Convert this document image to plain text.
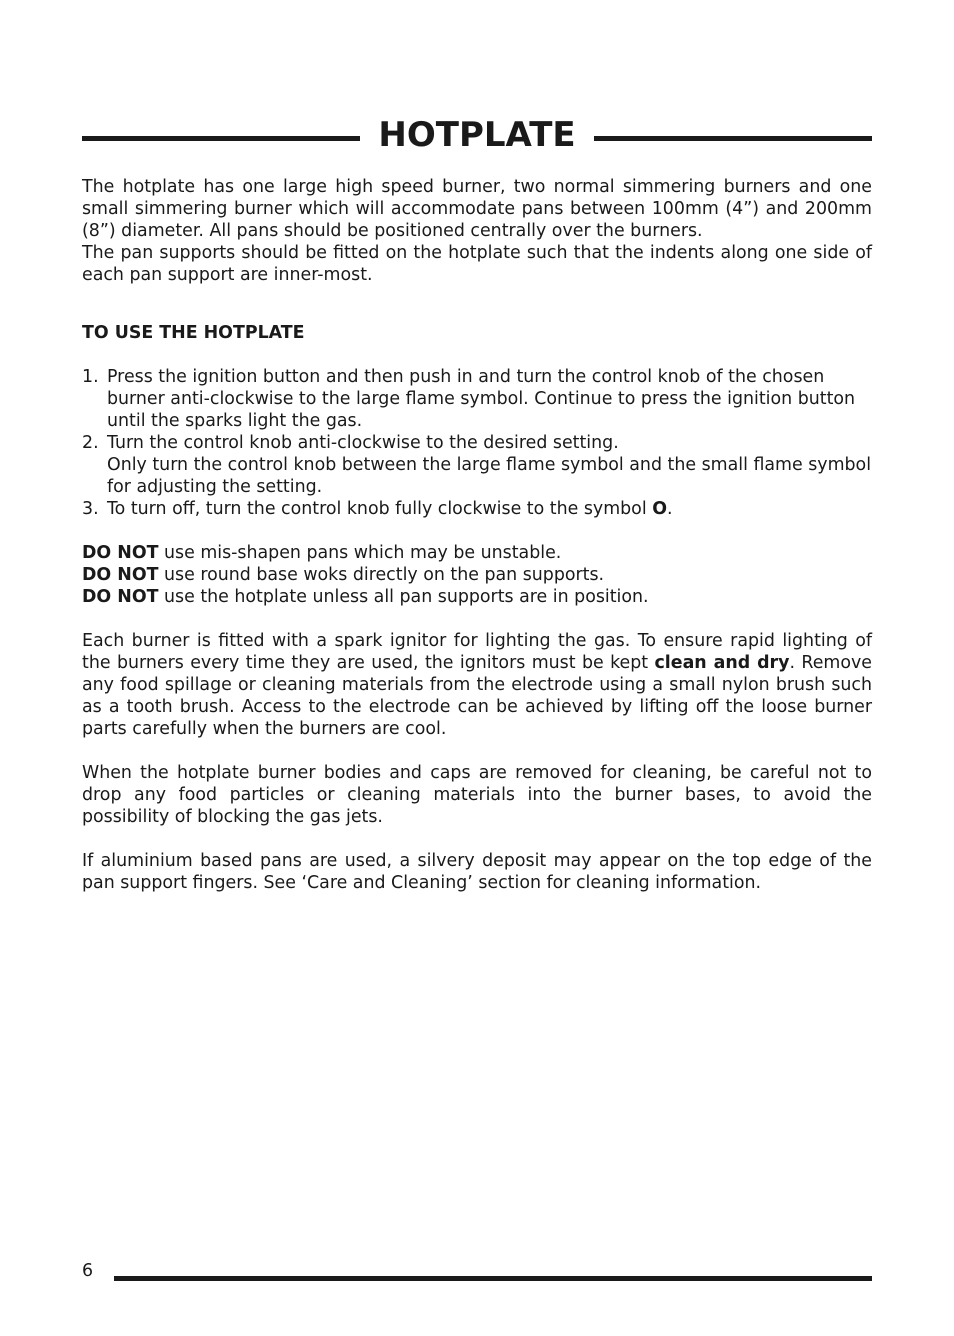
HOTPLATE

The hotplate has one large high speed burner, two normal simmering burners and one small simmering burner which will accommodate pans between 100mm (4”) and 200mm (8”) diameter. All pans should be positioned centrally over the burners.

The pan supports should be fitted on the hotplate such that the indents along one side of each pan support are inner-most.

TO USE THE HOTPLATE
1. Press the ignition button and then push in and turn the control knob of the chosen burner anti-clockwise to the large flame symbol. Continue to press the ignition button until the sparks light the gas.
2. Turn the control knob anti-clockwise to the desired setting.
Only turn the control knob between the large flame symbol and the small flame symbol for adjusting the setting.
3. To turn off, turn the control knob fully clockwise to the symbol O.

DO NOT use mis-shapen pans which may be unstable.

DO NOT use round base woks directly on the pan supports.

DO NOT use the hotplate unless all pan supports are in position.

Each burner is fitted with a spark ignitor for lighting the gas. To ensure rapid lighting of the burners every time they are used, the ignitors must be kept clean and dry. Remove any food spillage or cleaning materials from the electrode using a small nylon brush such as a tooth brush. Access to the electrode can be achieved by lifting off the loose burner parts carefully when the burners are cool.

When the hotplate burner bodies and caps are removed for cleaning, be careful not to drop any food particles or cleaning materials into the burner bases, to avoid the possibility of blocking the gas jets.

If aluminium based pans are used, a silvery deposit may appear on the top edge of the pan support fingers. See ‘Care and Cleaning’ section for cleaning information.

6
